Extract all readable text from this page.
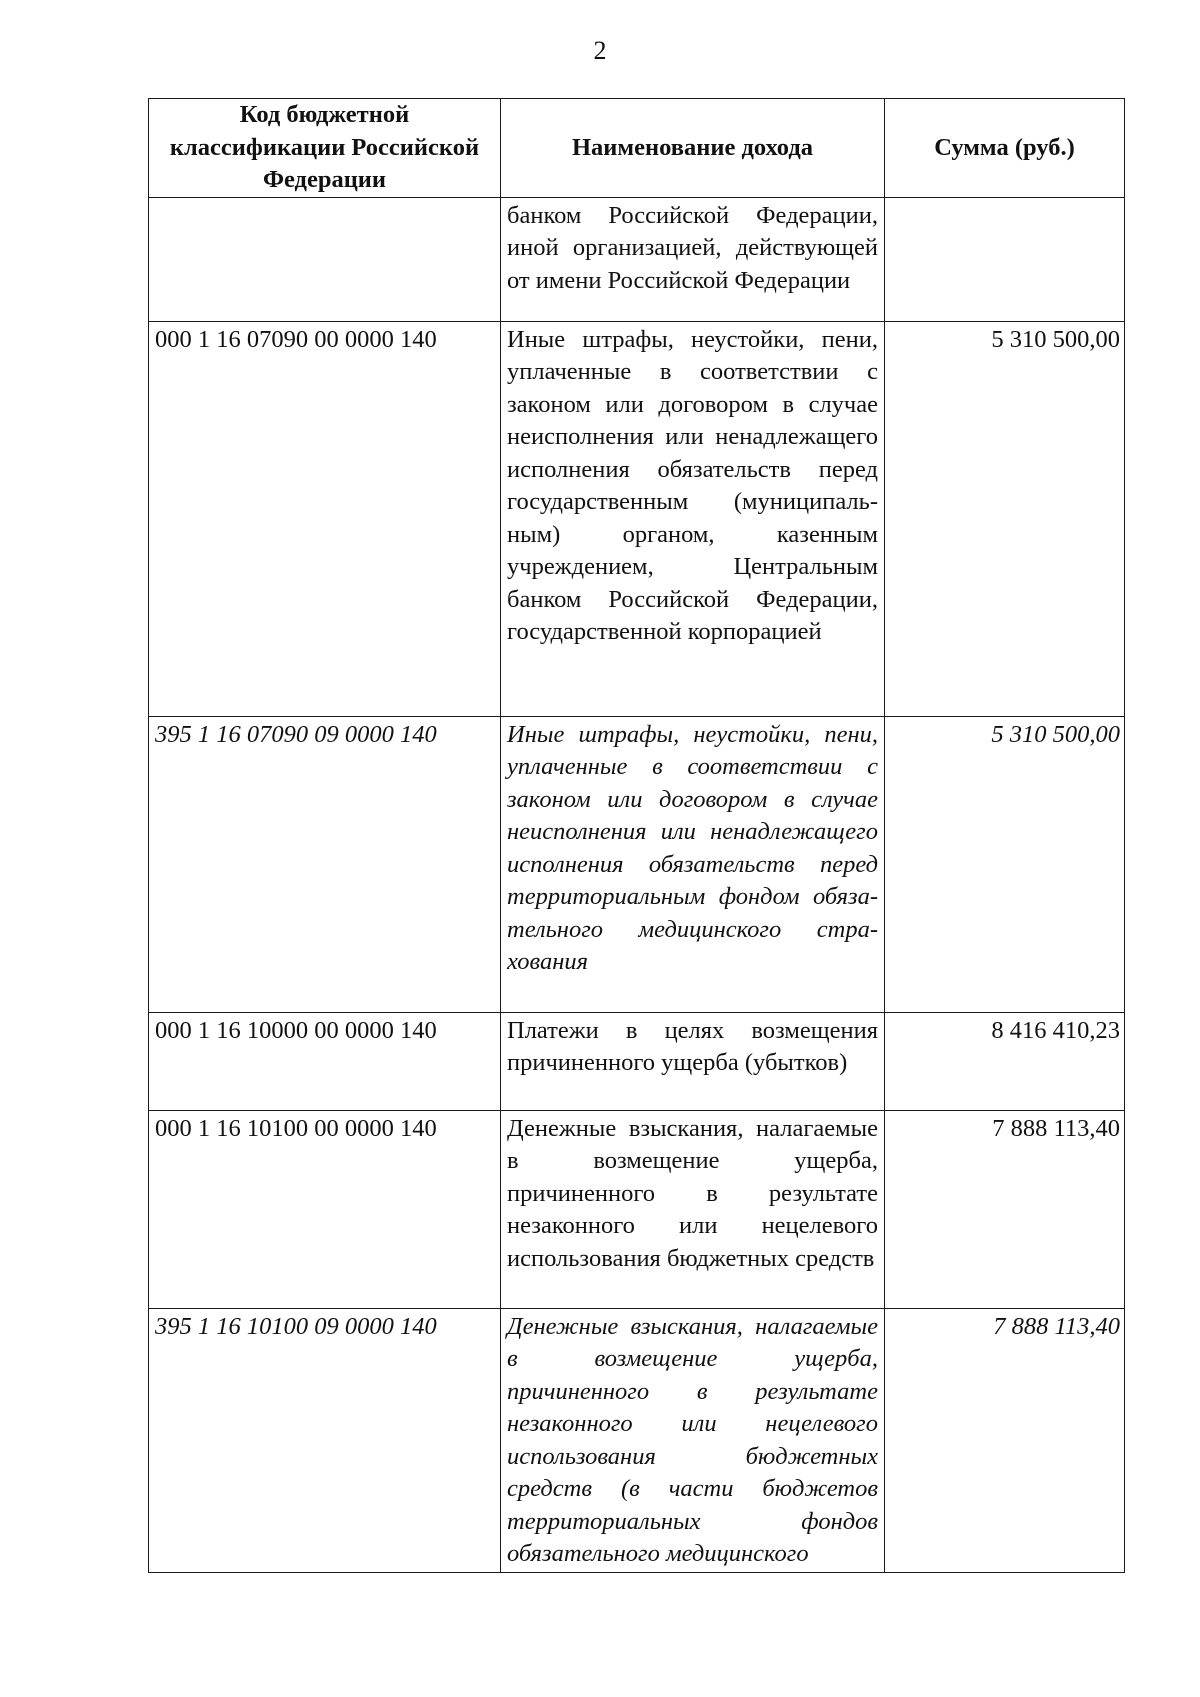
2
Код бюджетной классификации Российской Федерации	Наименование дохода	Сумма (руб.)
	банком Российской Федерации, иной организацией, действующей от имени Российской Федерации	
000 1 16 07090 00 0000 140	Иные штрафы, неустойки, пени, уплаченные в соответствии с законом или договором в случае неисполнения или ненадлежащего исполнения обязательств перед государственным (муниципальным) органом, казенным учреждением, Центральным банком Российской Федерации, государственной корпорацией	5 310 500,00
395 1 16 07090 09 0000 140	Иные штрафы, неустойки, пени, уплаченные в соответствии с законом или договором в случае неисполнения или ненадлежащего исполнения обязательств перед территориальным фондом обязательного медицинского страхования	5 310 500,00
000 1 16 10000 00 0000 140	Платежи в целях возмещения причиненного ущерба (убытков)	8 416 410,23
000 1 16 10100 00 0000 140	Денежные взыскания, налагаемые в возмещение ущерба, причиненного в результате незаконного или нецелевого использования бюджетных средств	7 888 113,40
395 1 16 10100 09 0000 140	Денежные взыскания, налагаемые в возмещение ущерба, причиненного в результате незаконного или нецелевого использования бюджетных средств (в части бюджетов территориальных фондов обязательного медицинского	7 888 113,40
